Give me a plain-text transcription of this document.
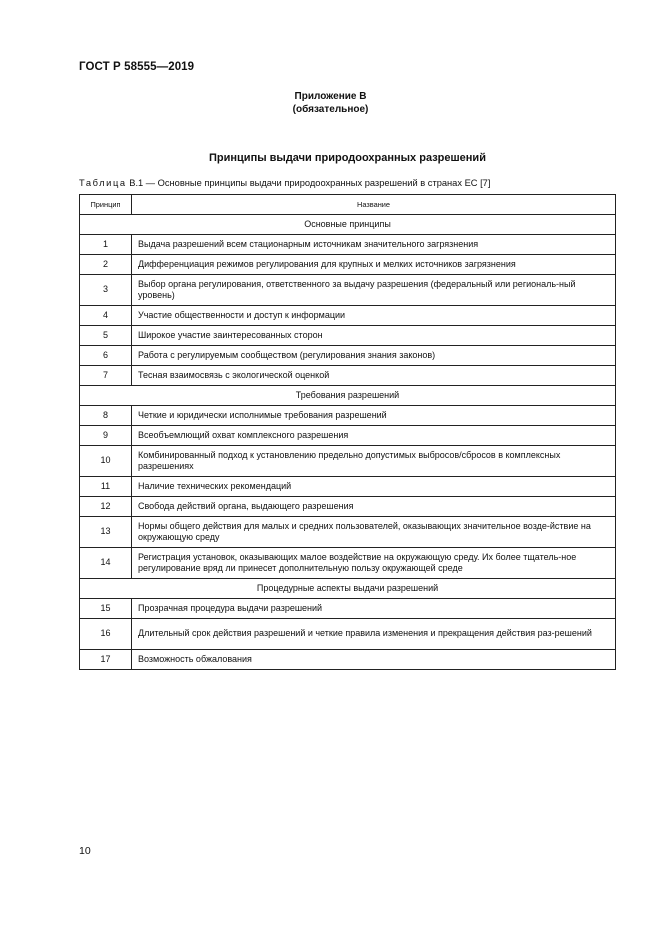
ГОСТ Р 58555—2019
Приложение В
(обязательное)
Принципы выдачи природоохранных разрешений
Таблица В.1 — Основные принципы выдачи природоохранных разрешений в странах ЕС [7]
Принцип	Название
Основные принципы	
1	Выдача разрешений всем стационарным источникам значительного загрязнения
2	Дифференциация режимов регулирования для крупных и мелких источников загрязнения
3	Выбор органа регулирования, ответственного за выдачу разрешения (федеральный или региональ-ный уровень)
4	Участие общественности и доступ к информации
5	Широкое участие заинтересованных сторон
6	Работа с регулируемым сообществом (регулирования знания законов)
7	Тесная взаимосвязь с экологической оценкой
Требования разрешений	
8	Четкие и юридически исполнимые требования разрешений
9	Всеобъемлющий охват комплексного разрешения
10	Комбинированный подход к установлению предельно допустимых выбросов/сбросов в комплексных разрешениях
11	Наличие технических рекомендаций
12	Свобода действий органа, выдающего разрешения
13	Нормы общего действия для малых и средних пользователей, оказывающих значительное возде-йствие на окружающую среду
14	Регистрация установок, оказывающих малое воздействие на окружающую среду. Их более тщатель-ное регулирование вряд ли принесет дополнительную пользу окружающей среде
Процедурные аспекты выдачи разрешений	
15	Прозрачная процедура выдачи разрешений
16	Длительный срок действия разрешений и четкие правила изменения и прекращения действия раз-решений
17	Возможность обжалования
10
